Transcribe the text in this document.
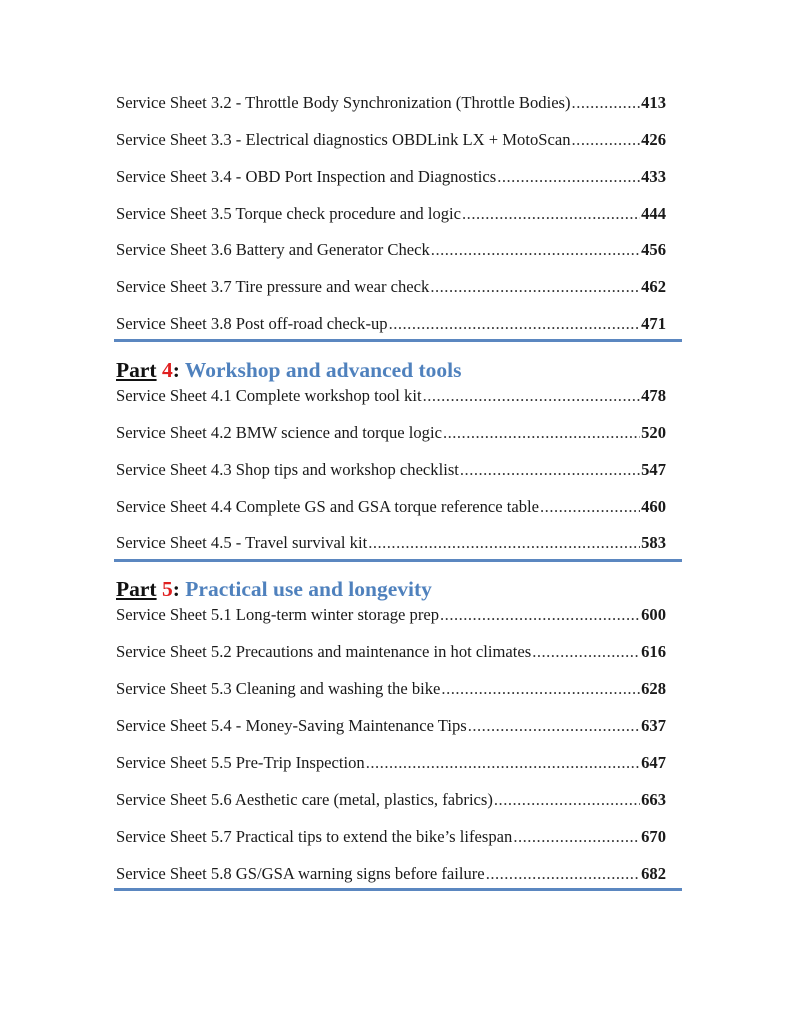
Service Sheet 3.2 - Throttle Body Synchronization (Throttle Bodies) .....	413
Service Sheet 3.3 - Electrical diagnostics OBDLink LX + MotoScan .....	426
Service Sheet 3.4 - OBD Port Inspection and Diagnostics .....	433
Service Sheet 3.5 Torque check procedure and logic .....	444
Service Sheet 3.6 Battery and Generator Check .....	456
Service Sheet 3.7 Tire pressure and wear check .....	462
Service Sheet 3.8 Post off-road check-up .....	471
Part 4: Workshop and advanced tools
Service Sheet 4.1 Complete workshop tool kit .....	478
Service Sheet 4.2 BMW science and torque logic .....	520
Service Sheet 4.3 Shop tips and workshop checklist .....	547
Service Sheet 4.4 Complete GS and GSA torque reference table .....	460
Service Sheet 4.5 - Travel survival kit .....	583
Part 5: Practical use and longevity
Service Sheet 5.1 Long-term winter storage prep .....	600
Service Sheet 5.2 Precautions and maintenance in hot climates .....	616
Service Sheet 5.3 Cleaning and washing the bike .....	628
Service Sheet 5.4 - Money-Saving Maintenance Tips .....	637
Service Sheet 5.5 Pre-Trip Inspection .....	647
Service Sheet 5.6 Aesthetic care (metal, plastics, fabrics) .....	663
Service Sheet 5.7 Practical tips to extend the bike’s lifespan .....	670
Service Sheet 5.8 GS/GSA warning signs before failure .....	682
